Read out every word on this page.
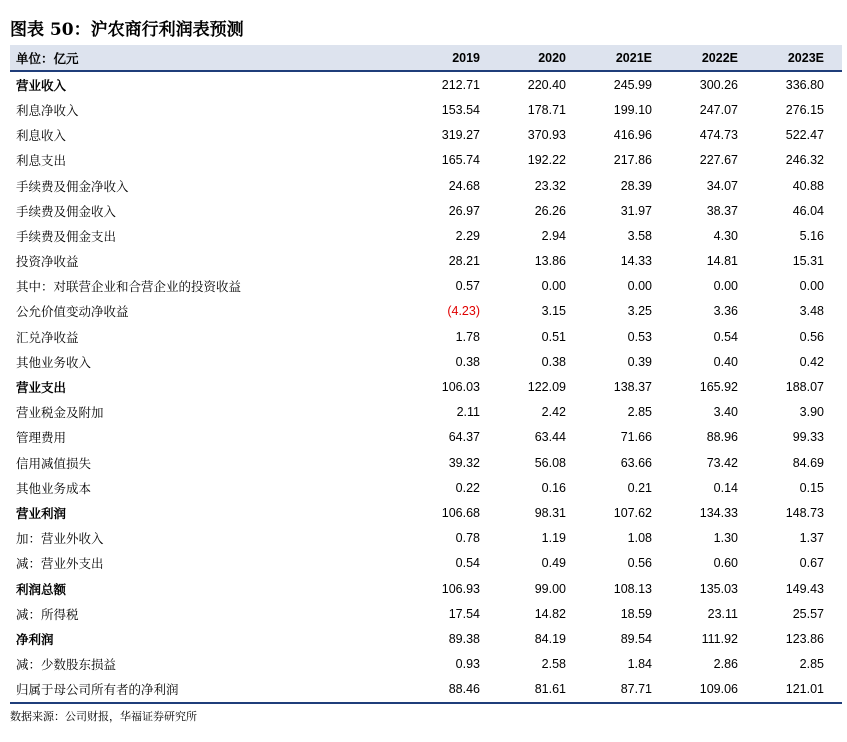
图表 50：沪农商行利润表预测
单位：亿元	2019	2020	2021E	2022E	2023E
营业收入	212.71	220.40	245.99	300.26	336.80
利息净收入	153.54	178.71	199.10	247.07	276.15
利息收入	319.27	370.93	416.96	474.73	522.47
利息支出	165.74	192.22	217.86	227.67	246.32
手续费及佣金净收入	24.68	23.32	28.39	34.07	40.88
手续费及佣金收入	26.97	26.26	31.97	38.37	46.04
手续费及佣金支出	2.29	2.94	3.58	4.30	5.16
投资净收益	28.21	13.86	14.33	14.81	15.31
其中：对联营企业和合营企业的投资收益	0.57	0.00	0.00	0.00	0.00
公允价值变动净收益	(4.23)	3.15	3.25	3.36	3.48
汇兑净收益	1.78	0.51	0.53	0.54	0.56
其他业务收入	0.38	0.38	0.39	0.40	0.42
营业支出	106.03	122.09	138.37	165.92	188.07
营业税金及附加	2.11	2.42	2.85	3.40	3.90
管理费用	64.37	63.44	71.66	88.96	99.33
信用减值损失	39.32	56.08	63.66	73.42	84.69
其他业务成本	0.22	0.16	0.21	0.14	0.15
营业利润	106.68	98.31	107.62	134.33	148.73
加：营业外收入	0.78	1.19	1.08	1.30	1.37
减：营业外支出	0.54	0.49	0.56	0.60	0.67
利润总额	106.93	99.00	108.13	135.03	149.43
减：所得税	17.54	14.82	18.59	23.11	25.57
净利润	89.38	84.19	89.54	111.92	123.86
减：少数股东损益	0.93	2.58	1.84	2.86	2.85
归属于母公司所有者的净利润	88.46	81.61	87.71	109.06	121.01
数据来源：公司财报，华福证券研究所
